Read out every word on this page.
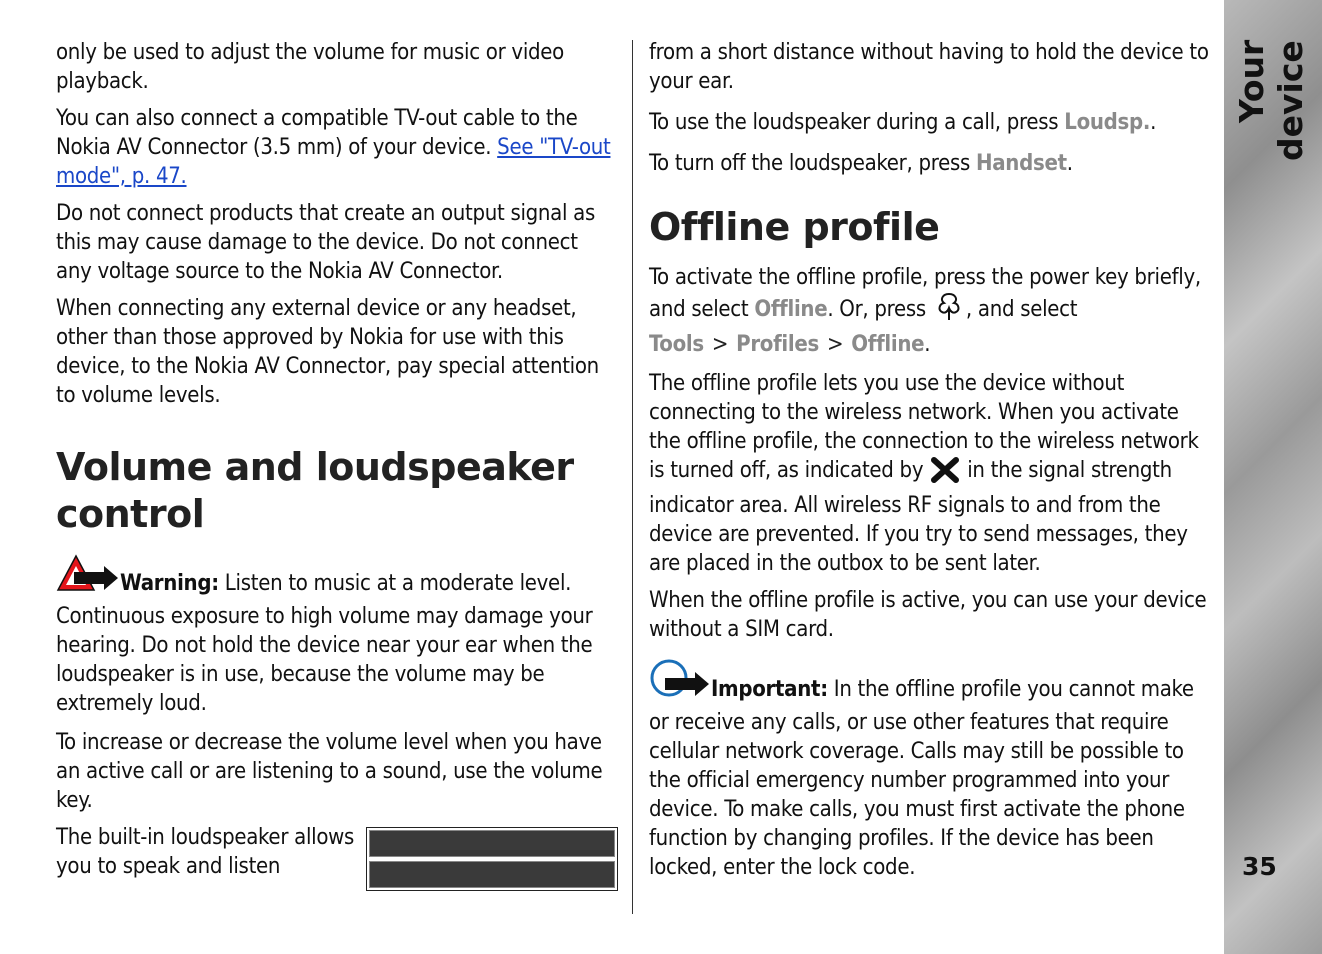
only be used to adjust the volume for music or video playback.

You can also connect a compatible TV-out cable to the Nokia AV Connector (3.5 mm) of your device. See "TV-out mode", p. 47.

Do not connect products that create an output signal as this may cause damage to the device. Do not connect any voltage source to the Nokia AV Connector.

When connecting any external device or any headset, other than those approved by Nokia for use with this device, to the Nokia AV Connector, pay special attention to volume levels.

Volume and loudspeaker control

Warning: Listen to music at a moderate level. Continuous exposure to high volume may damage your hearing. Do not hold the device near your ear when the loudspeaker is in use, because the volume may be extremely loud.

To increase or decrease the volume level when you have an active call or are listening to a sound, use the volume key.

The built-in loudspeaker allows you to speak and listen

from a short distance without having to hold the device to your ear.

To use the loudspeaker during a call, press Loudsp..

To turn off the loudspeaker, press Handset.

Offline profile

To activate the offline profile, press the power key briefly, and select Offline. Or, press , and select
Tools > Profiles > Offline.

The offline profile lets you use the device without connecting to the wireless network. When you activate the offline profile, the connection to the wireless network is turned off, as indicated by  in the signal strength indicator area. All wireless RF signals to and from the device are prevented. If you try to send messages, they are placed in the outbox to be sent later.

When the offline profile is active, you can use your device without a SIM card.

Important: In the offline profile you cannot make or receive any calls, or use other features that require cellular network coverage. Calls may still be possible to the official emergency number programmed into your device. To make calls, you must first activate the phone function by changing profiles. If the device has been locked, enter the lock code.

Your device
35
